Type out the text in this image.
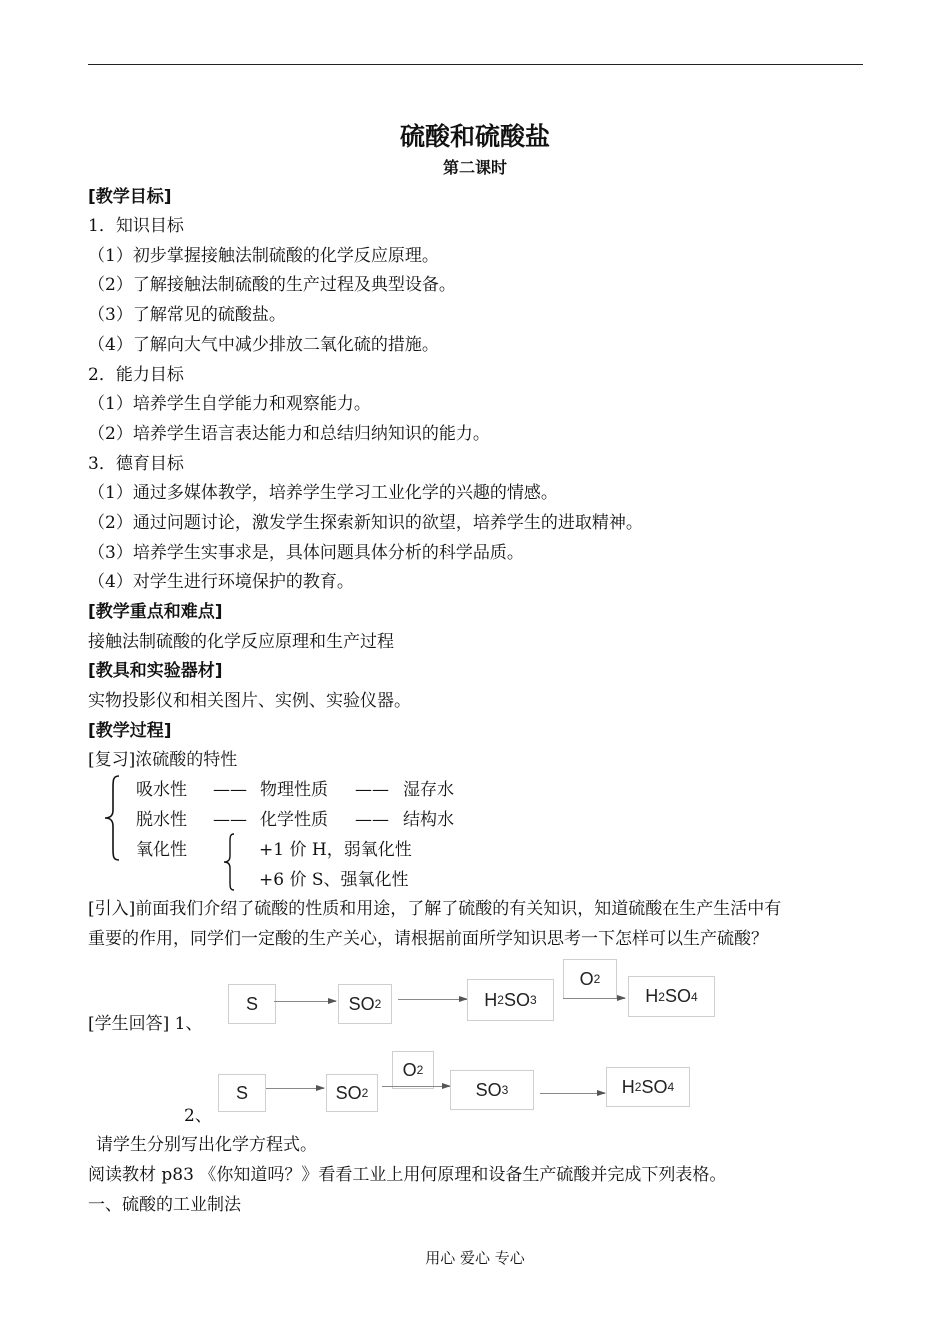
硫酸和硫酸盐
第二课时
[教学目标]
1．知识目标
（1）初步掌握接触法制硫酸的化学反应原理。
（2）了解接触法制硫酸的生产过程及典型设备。
（3）了解常见的硫酸盐。
（4）了解向大气中减少排放二氧化硫的措施。
2．能力目标
（1）培养学生自学能力和观察能力。
（2）培养学生语言表达能力和总结归纳知识的能力。
3．德育目标
（1）通过多媒体教学，培养学生学习工业化学的兴趣的情感。
（2）通过问题讨论，激发学生探索新知识的欲望，培养学生的进取精神。
（3）培养学生实事求是，具体问题具体分析的科学品质。
（4）对学生进行环境保护的教育。
[教学重点和难点]
接触法制硫酸的化学反应原理和生产过程
[教具和实验器材]
实物投影仪和相关图片、实例、实验仪器。
[教学过程]
[复习]浓硫酸的特性
吸水性 —— 物理性质 —— 湿存水
脱水性 —— 化学性质 —— 结构水
氧化性	+1 价 H，弱氧化性
+6 价 S、强氧化性
[引入]前面我们介绍了硫酸的性质和用途，了解了硫酸的有关知识，知道硫酸在生产生活中有
重要的作用，同学们一定酸的生产关心，请根据前面所学知识思考一下怎样可以生产硫酸？
S	SO 2	H 2 SO 3
O 2
H 2 SO 4
[学生回答] 1、
S	SO 2
O 2
SO 3	H 2 SO 4
2、
请学生分别写出化学方程式。
阅读教材 p83 《你知道吗？》看看工业上用何原理和设备生产硫酸并完成下列表格。
一、硫酸的工业制法
用心 爱心 专心
